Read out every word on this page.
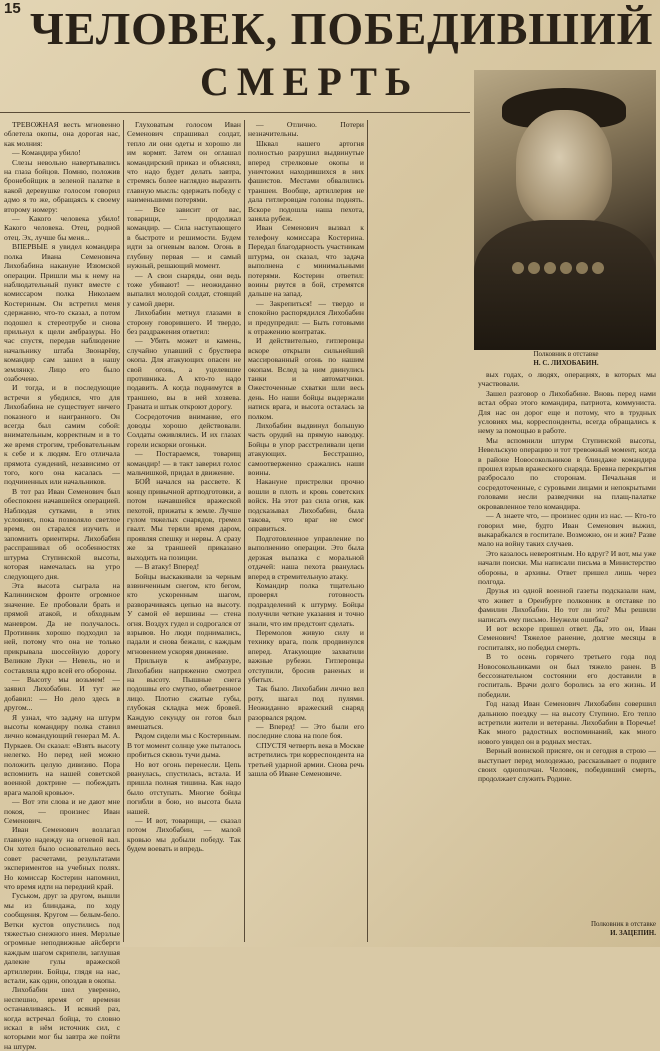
15 ЧЕЛОВЕК, ПОБЕДИВШИЙ
СМЕРТЬ

ТРЕВОЖНАЯ весть мгновенно облетела окопы, она дорогая нас, как молния:

— Командира убило!

Слезы невольно навертывались на глаза бойцов. Помню, положив бронебойщик в зеленой палатке в какой деревушке голосом говорил адмо я то же, обращаясь к своему второму номеру:

— Какого человека убило! Какого человека. Отец, родной отец. Эх, лучше бы меня...

ВПЕРВЫЕ я увидел командира полка Ивана Семеновича Лихобабина накануне Изюмской операции. Пришли мы к нему на наблюдательный пункт вместе с комиссаром полка Николаем Костериным. Он встретил меня сдержанно, что-то сказал, а потом подошел к стереотрубе и снова прильнул к щели амбразуры. Но час спустя, передав наблюдение начальнику штаба Звонарёву, командир сам зашел в нашу землянку. Лицо его было озабочено.

И тогда, и в последующие встречи я убедился, что для Лихобабина не существует ничего показного и наигранного. Он всегда был самим собой: внимательным, корректным и в то же время строгим, требовательным к себе и к людям. Его отличала прямота суждений, независимо от того, кого она касалась — подчиненных или начальников.

В тот раз Иван Семенович был обеспокоен начавшейся операцией. Наблюдая сутками, в этих условиях, пока позволяло светлое время, он старался изучить и запомнить ориентиры. Лихобабин расспрашивал об особенностях штурма Ступинской высоты, которая намечалась на утро следующего дня.

Эта высота сыграла на Калининском фронте огромное значение. Ее пробовали брать и прямой атакой, и обходным маневром. Да не получалось. Противник хорошо подходил за ней, потому что она не только прикрывала шоссейную дорогу Великие Луки — Невель, но и составляла ядро всей его обороны.

— Высоту мы возьмем! — заявил Лихобабин. И тут же добавил: — Но дело здесь в другом...

Я узнал, что задачу на штурм высоты командиру полка ставил лично командующий генерал М. А. Пуркаев. Он сказал: «Взять высоту нелегко. Но перед ней можно положить целую дивизию. Пора вспомнить на нашей советской военной доктрине — побеждать врага малой кровью».

— Вот эти слова и не дают мне покоя, — произнес Иван Семенович.

Иван Семенович возлагал главную надежду на огневой вал. Он хотел было основательно весь совет расчетами, результатами экспериментов на учебных полях. Но комиссар Костерин напомнил, что время идти на передний край.

Гуськом, друг за другом, вышли мы из блиндажа, по ходу сообщения. Кругом — белым-бело. Ветки кустов опустились под тяжестью снежного инея. Мерзлые огромные неподвижные айсберги каждым шагом скрипели, заглушая далекие гулы вражеской артиллерии. Бойцы, глядя на нас, встали, как один, опоздав в окопы.

Лихобабин шел уверенно, неспешно, время от времени останавливаясь. И всякий раз, когда встречал бойца, то словно искал в нём источник сил, с которыми мог бы завтра же пойти на штурм.

Глуховатым голосом Иван Семенович спрашивал солдат, тепло ли они одеты и хорошо ли им кормят. Затем он оглашал командирский приказ и объяснял, что надо будет делать завтра, стремясь более наглядно выразить главную мысль: одержать победу с наименьшими потерями.

— Все зависит от вас, товарищи, — продолжал командир. — Сила наступающего в быстроте и решимости. Будем идти за огневым валом. Огонь в глубину первая — и самый нужный, решающий момент.

— А свои снаряды, они ведь тоже убивают! — неожиданно выпалил молодой солдат, стоящий у самой двери.

Лихобабин метнул глазами в сторону говорившего. И твердо, без раздражения ответил:

— Убить может и камень, случайно упавший с бруствера окопа. Для атакующих опасен не свой огонь, а уцелевшие противника. А кто-то надо подавить. А когда поднимутся в траншею, вы в ней хозяева. Граната и штык откроют дорогу.

Сосредоточив внимание, его доводы хорошо действовали. Солдаты оживлялись. И их глазах горели искорки огоньки.

— Постараемся, товарищ командир! — в такт заверил голос мальчишкой, придал в движение.

БОЙ начался на рассвете. К концу привычной артподготовки, а потом начавшейся вражеской пехотой, прижаты к земле. Лучше гулом тяжелых снарядов, гремел гвалт. Мы теряли время даром, проявляя спешку и нервы. А сразу же за траншеей приказано выходить на позиции.

— В атаку! Вперед!

Бойцы выскакивали за черным взвинченным снегом, кто бегом, кто ускоренным шагом, разворачиваясь цепью на высоту. У самой её вершины — стена огня. Воздух гудел и содрогался от взрывов. Но люди поднимались, падали и снова бежали, с каждым мгновением ускоряя движение.

Прильнув к амбразуре, Лихобабин напряженно смотрел на высоту. Пышные снега подошвы его смутно, обветренное лицо. Плотно сжатые губы, глубокая складка меж бровей. Каждую секунду он готов был вмешаться.

Рядом сидели мы с Костериным. В тот момент солнце уже пыталось пробиться сквозь тучи дыма.

Но вот огонь перенесли. Цепь рванулась, спустилась, встала. И пришла полная тишина. Как надо было отступать. Многие бойцы погибли в бою, но высота была нашей.

— И вот, товарищи, — сказал потом Лихобабин, — малой кровью мы добыли победу. Так будем воевать и впредь.

— Отлично. Потери незначительны.

Шквал нашего артогня полностью разрушил выдвинутые вперед стрелковые окопы и уничтожил находившихся в них фашистов. Местами обвалились траншеи. Вообще, артиллерия не дала гитлеровцам головы поднять. Вскоре подошла наша пехота, заняла рубеж.

Иван Семенович вызвал к телефону комиссара Костерина. Передал благодарность участникам штурма, он сказал, что задача выполнена с минимальными потерями. Костерин ответил: воины рвутся в бой, стремятся дальше на запад.

— Закрепиться! — твердо и спокойно распорядился Лихобабин и предупредил: — Быть готовыми к отражению контратак.

И действительно, гитлеровцы вскоре открыли сильнейший массированный огонь по нашим окопам. Вслед за ним двинулись танки и автоматчики. Ожесточенные схватки шли весь день. Но наши бойцы выдержали натиск врага, и высота осталась за полком.

Лихобабин выдвинул большую часть орудий на прямую наводку. Бойцы в упор расстреливали цепи атакующих. Бесстрашно, самоотверженно сражались наши воины.

Накануне пристрелки прочно вошли в плоть и кровь советских войск. На этот раз сила огня, как подсказывал Лихобабин, была такова, что враг не смог оправиться.

Подготовленное управление по выполнению операции. Это была дерзкая вылазка с моральной отдачей: наша пехота рванулась вперед в стремительную атаку.

Командир полка тщательно проверял готовность подразделений к штурму. Бойцы получили четкие указания и точно знали, что им предстоит сделать.

Перемолов живую силу и технику врага, полк продвинулся вперед. Атакующие захватили важные рубежи. Гитлеровцы отступили, бросив раненых и убитых.

Так было. Лихобабин лично вел роту, шагал под пулями. Неожиданно вражеский снаряд разорвался рядом.

— Вперед! — Это были его последние слова на поле боя.

СПУСТЯ четверть века в Москве встретились три корреспондента на третьей ударной армии. Снова речь зашла об Иване Семеновиче.

Полковник в отставке
Н. С. ЛИХОБАБИН.

вых годах, о людях, операциях, в которых мы участвовали.

Зашел разговор о Лихобабине. Вновь перед нами встал образ этого командира, патриота, коммуниста. Для нас он дорог еще и потому, что в трудных условиях мы, корреспонденты, всегда обращались к нему за помощью в работе.

Мы вспомнили штурм Ступинской высоты, Невельскую операцию и тот тревожный момент, когда в районе Новосокольников в блиндаже командира прошел взрыв вражеского снаряда. Бревна перекрытия разбросало по сторонам. Печальная и сосредоточенные, с суровыми лицами и непокрытыми головами несли разведчики на плащ-палатке окровавленное тело командира.

— А знаете что, — произнес один из нас. — Кто-то говорил мне, будто Иван Семенович выжил, выкарабкался в госпитале. Возможно, он и жив? Разве мало на войну таких случаев.

Это казалось невероятным. Но вдруг? И вот, мы уже начали поиски. Мы написали письма в Министерство обороны, в архивы. Ответ пришел лишь через полгода.

Друзья из одной военной газеты подсказали нам, что живет в Оренбурге полковник в отставке по фамилии Лихобабин. Но тот ли это? Мы решили написать ему письмо. Неужели ошибка?

И вот вскоре пришел ответ. Да, это он, Иван Семенович! Тяжелое ранение, долгие месяцы в госпиталях, но победил смерть.

В то осень горячего третьего года под Новосокольниками он был тяжело ранен. В бессознательном состоянии его доставили в госпиталь. Врачи долго боролись за его жизнь. И победили.

Год назад Иван Семенович Лихобабин совершил дальнюю поездку — на высоту Ступино. Его тепло встретили жители и ветераны. Лихобабин в Поречье! Как много радостных воспоминаний, как много нового увидел он в родных местах.

Верный воинской присяге, он и сегодня в строю — выступает перед молодежью, рассказывает о подвиге своих однополчан. Человек, победивший смерть, продолжает служить Родине.

Полковник в отставке
И. ЗАЦЕПИН.
